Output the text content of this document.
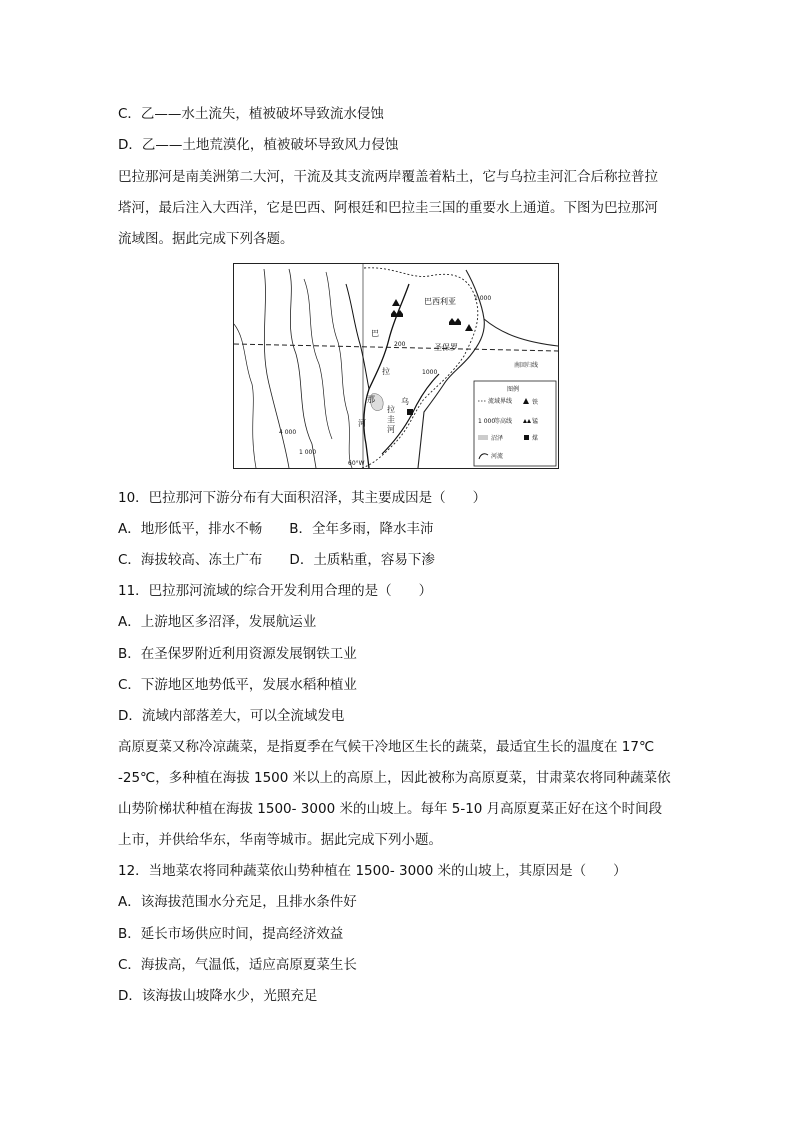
C．乙——水土流失，植被破坏导致流水侵蚀
D．乙——土地荒漠化，植被破坏导致风力侵蚀
巴拉那河是南美洲第二大河，干流及其支流两岸覆盖着粘土，它与乌拉圭河汇合后称拉普拉
塔河，最后注入大西洋，它是巴西、阿根廷和巴拉圭三国的重要水上通道。下图为巴拉那河
流域图。据此完成下列各题。
巴西利亚
圣保罗
南回归线
巴
拉
那
河
乌
拉
圭
河
1 000
1000
200
4 000
1 000
60°W
图例
流域界线	铁
1 000
等高线	锰
沼泽	煤
河流
10．巴拉那河下游分布有大面积沼泽，其主要成因是（　　）
A．地形低平，排水不畅　　B．全年多雨，降水丰沛
C．海拔较高、冻土广布　　D．土质粘重，容易下渗
11．巴拉那河流域的综合开发利用合理的是（　　）
A．上游地区多沼泽，发展航运业
B．在圣保罗附近利用资源发展钢铁工业
C．下游地区地势低平，发展水稻种植业
D．流域内部落差大，可以全流域发电
高原夏菜又称冷凉蔬菜，是指夏季在气候干冷地区生长的蔬菜，最适宜生长的温度在 17℃
-25℃，多种植在海拔 1500 米以上的高原上，因此被称为高原夏菜，甘肃菜农将同种蔬菜依
山势阶梯状种植在海拔 1500- 3000 米的山坡上。每年 5-10 月高原夏菜正好在这个时间段
上市，并供给华东，华南等城市。据此完成下列小题。
12．当地菜农将同种蔬菜依山势种植在 1500- 3000 米的山坡上，其原因是（　　）
A．该海拔范围水分充足，且排水条件好
B．延长市场供应时间，提高经济效益
C．海拔高，气温低，适应高原夏菜生长
D．该海拔山坡降水少，光照充足
